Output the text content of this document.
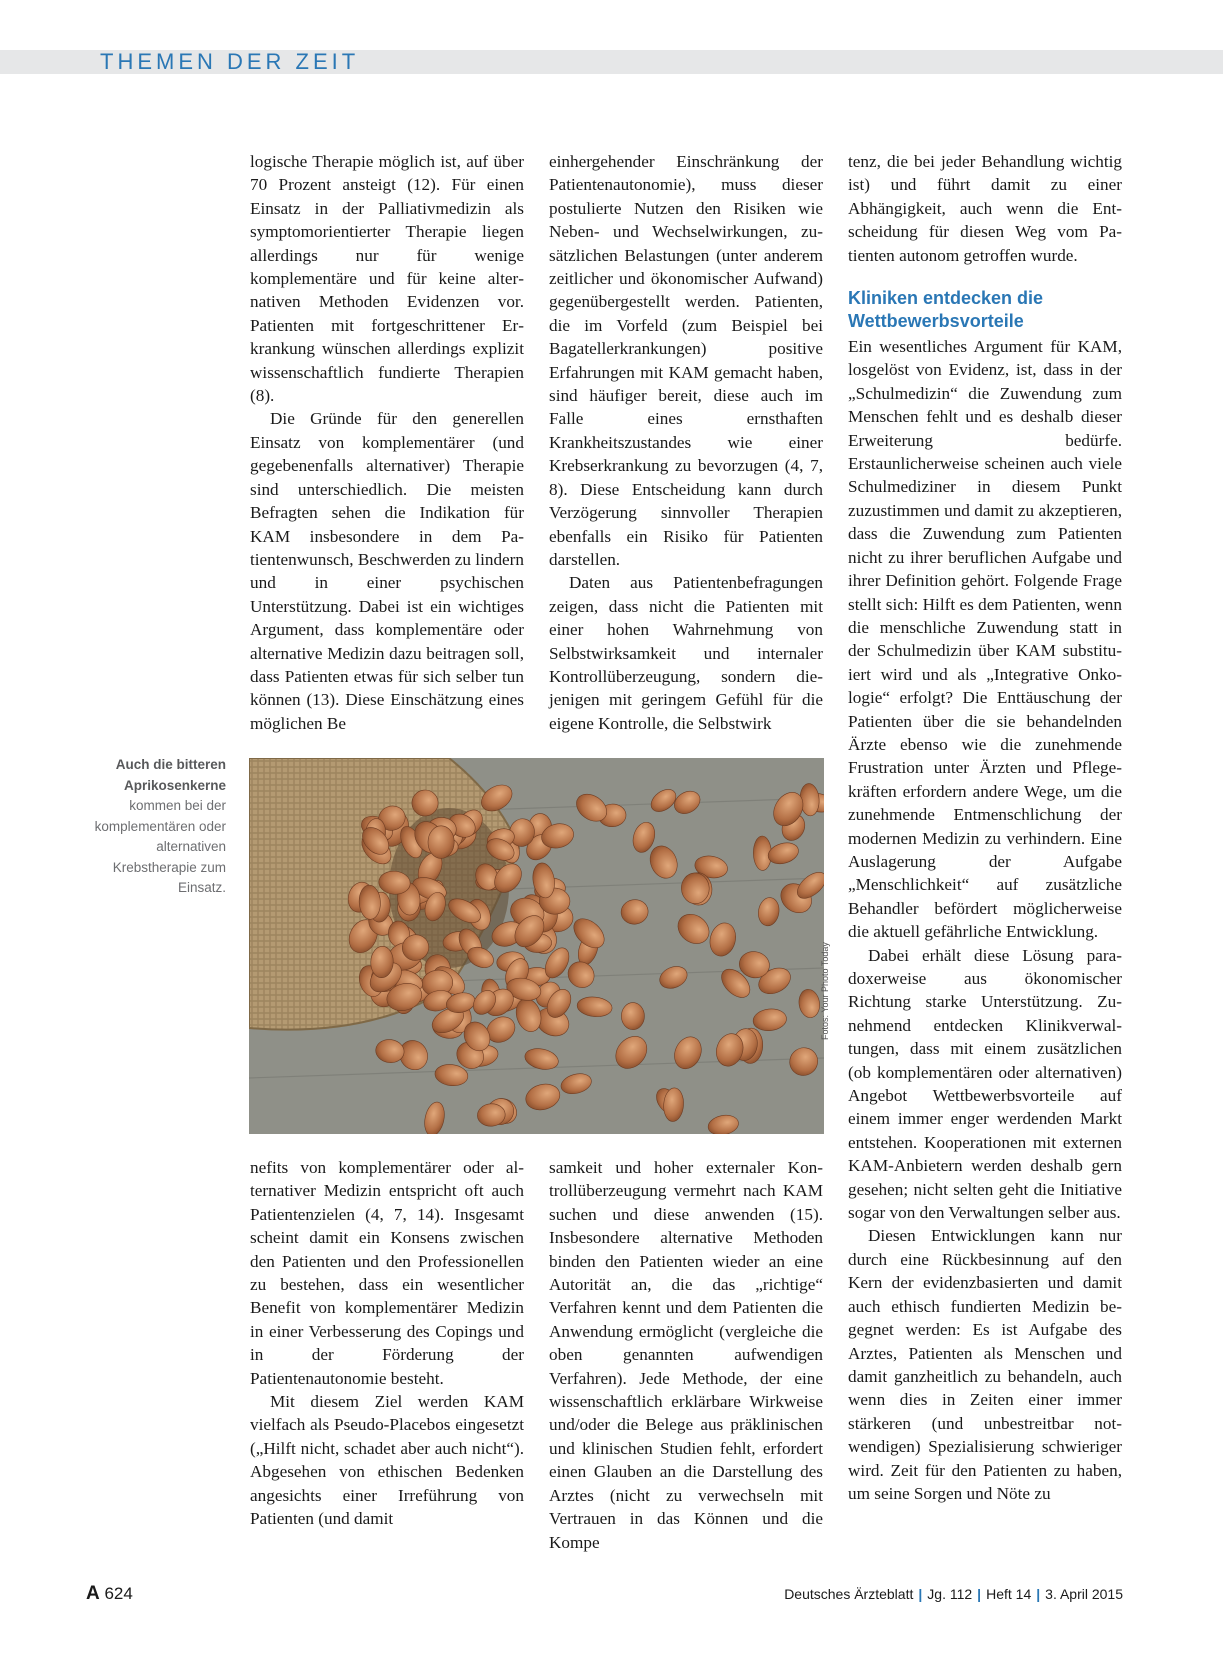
THEMEN DER ZEIT

logische Therapie möglich ist, auf über 70 Prozent ansteigt (12). Für einen Einsatz in der Palliativmedizin als symptomorientierter Therapie liegen allerdings nur für wenige komplementäre und für keine alternativen Methoden Evidenzen vor. Patienten mit fortgeschrittener Erkrankung wünschen allerdings explizit wissenschaftlich fundierte Therapien (8).

Die Gründe für den generellen Einsatz von komplementärer (und gegebenenfalls alternativer) Therapie sind unterschiedlich. Die meisten Befragten sehen die Indikation für KAM insbesondere in dem Patientenwunsch, Beschwerden zu lindern und in einer psychischen Unterstützung. Dabei ist ein wichtiges Argument, dass komplementäre oder alternative Medizin dazu beitragen soll, dass Patienten etwas für sich selber tun können (13). Diese Einschätzung eines möglichen Be

einhergehender Einschränkung der Patientenautonomie), muss dieser postulierte Nutzen den Risiken wie Neben- und Wechselwirkungen, zusätzlichen Belastungen (unter anderem zeitlicher und ökonomischer Aufwand) gegenübergestellt werden. Patienten, die im Vorfeld (zum Beispiel bei Bagatellerkrankungen) positive Erfahrungen mit KAM gemacht haben, sind häufiger bereit, diese auch im Falle eines ernsthaften Krankheitszustandes wie einer Krebserkrankung zu bevorzugen (4, 7, 8). Diese Entscheidung kann durch Verzögerung sinnvoller Therapien ebenfalls ein Risiko für Patienten darstellen.

Daten aus Patientenbefragungen zeigen, dass nicht die Patienten mit einer hohen Wahrnehmung von Selbstwirksamkeit und internaler Kontrollüberzeugung, sondern diejenigen mit geringem Gefühl für die eigene Kontrolle, die Selbstwirk

Auch die bitteren Aprikosenkerne kommen bei der komplementären oder alternativen Krebstherapie zum Einsatz.
Fotos: Your Photo Today

nefits von komplementärer oder alternativer Medizin entspricht oft auch Patientenzielen (4, 7, 14). Insgesamt scheint damit ein Konsens zwischen den Patienten und den Professionellen zu bestehen, dass ein wesentlicher Benefit von komplementärer Medizin in einer Verbesserung des Copings und in der Förderung der Patientenautonomie besteht.

Mit diesem Ziel werden KAM vielfach als Pseudo-Placebos eingesetzt („Hilft nicht, schadet aber auch nicht“). Abgesehen von ethischen Bedenken angesichts einer Irreführung von Patienten (und damit

samkeit und hoher externaler Kontrollüberzeugung vermehrt nach KAM suchen und diese anwenden (15). Insbesondere alternative Methoden binden den Patienten wieder an eine Autorität an, die das „richtige“ Verfahren kennt und dem Patienten die Anwendung ermöglicht (vergleiche die oben genannten aufwendigen Verfahren). Jede Methode, der eine wissenschaftlich erklärbare Wirkweise und/oder die Belege aus präklinischen und klinischen Studien fehlt, erfordert einen Glauben an die Darstellung des Arztes (nicht zu verwechseln mit Vertrauen in das Können und die Kompe

tenz, die bei jeder Behandlung wichtig ist) und führt damit zu einer Abhängigkeit, auch wenn die Entscheidung für diesen Weg vom Patienten autonom getroffen wurde.

Kliniken entdecken die Wettbewerbsvorteile

Ein wesentliches Argument für KAM, losgelöst von Evidenz, ist, dass in der „Schulmedizin“ die Zuwendung zum Menschen fehlt und es deshalb dieser Erweiterung bedürfe. Erstaunlicherweise scheinen auch viele Schulmediziner in diesem Punkt zuzustimmen und damit zu akzeptieren, dass die Zuwendung zum Patienten nicht zu ihrer beruflichen Aufgabe und ihrer Definition gehört. Folgende Frage stellt sich: Hilft es dem Patienten, wenn die menschliche Zuwendung statt in der Schulmedizin über KAM substituiert wird und als „Integrative Onkologie“ erfolgt? Die Enttäuschung der Patienten über die sie behandelnden Ärzte ebenso wie die zunehmende Frustration unter Ärzten und Pflegekräften erfordern andere Wege, um die zunehmende Entmenschlichung der modernen Medizin zu verhindern. Eine Auslagerung der Aufgabe „Menschlichkeit“ auf zusätzliche Behandler befördert möglicherweise die aktuell gefährliche Entwicklung.

Dabei erhält diese Lösung paradoxerweise aus ökonomischer Richtung starke Unterstützung. Zunehmend entdecken Klinikverwaltungen, dass mit einem zusätzlichen (ob komplementären oder alternativen) Angebot Wettbewerbsvorteile auf einem immer enger werdenden Markt entstehen. Kooperationen mit externen KAM-Anbietern werden deshalb gern gesehen; nicht selten geht die Initiative sogar von den Verwaltungen selber aus.

Diesen Entwicklungen kann nur durch eine Rückbesinnung auf den Kern der evidenzbasierten und damit auch ethisch fundierten Medizin begegnet werden: Es ist Aufgabe des Arztes, Patienten als Menschen und damit ganzheitlich zu behandeln, auch wenn dies in Zeiten einer immer stärkeren (und unbestreitbar notwendigen) Spezialisierung schwieriger wird. Zeit für den Patienten zu haben, um seine Sorgen und Nöte zu

A 624	Deutsches Ärzteblatt | Jg. 112 | Heft 14 | 3. April 2015
